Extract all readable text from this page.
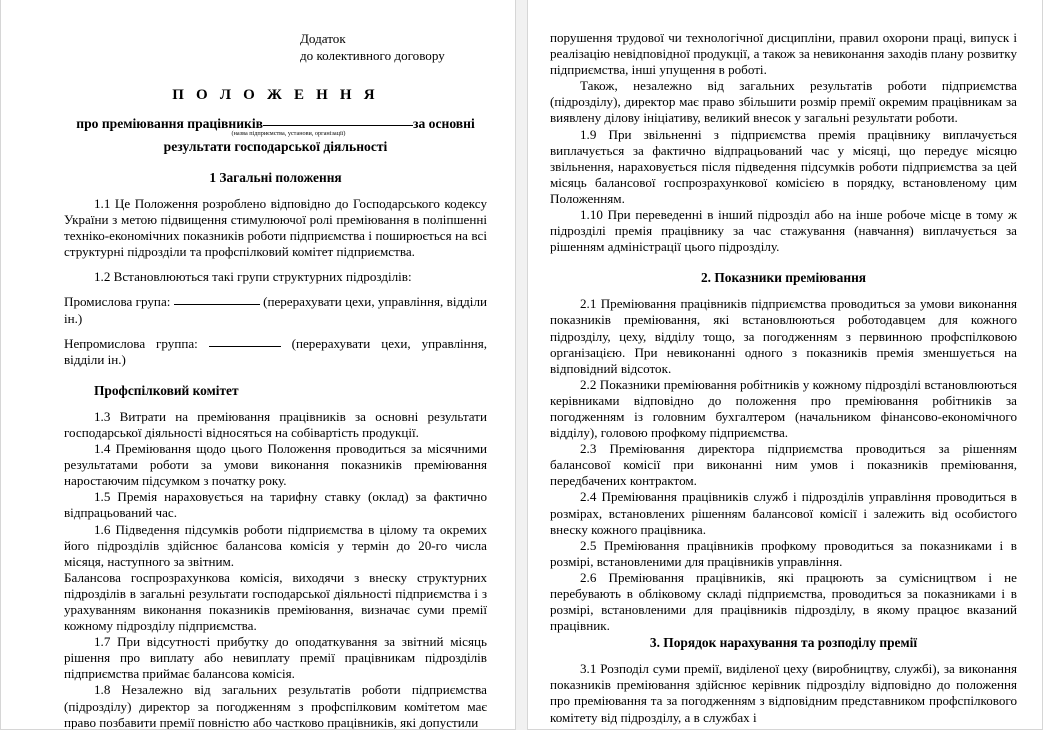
Додаток
до колективного договору
П О Л О Ж Е Н Н Я
про преміювання працівників	за основні
(назва підприємства, установи, організації)
результати господарської діяльності
1 Загальні положення

1.1 Це Положення розроблено відповідно до Господарського кодексу України з метою підвищення стимулюючої ролі преміювання в поліпшенні техніко-економічних показників роботи підприємства і поширюється на всі структурні підрозділи та профспілковий комітет підприємства.

1.2 Встановлюються такі групи структурних підрозділів:

Промислова група:	(перерахувати цехи, управління, відділи ін.)

Непромислова группа:	(перерахувати цехи, управління, відділи ін.)

Профспілковий комітет

1.3 Витрати на преміювання працівників за основні результати господарської діяльності відносяться на собівартість продукції.

1.4 Преміювання щодо цього Положення проводиться за місячними результатами роботи за умови виконання показників преміювання наростаючим підсумком з початку року.

1.5 Премія нараховується на тарифну ставку (оклад) за фактично відпрацьований час.

1.6 Підведення підсумків роботи підприємства в цілому та окремих його підрозділів здійснює балансова комісія у термін до 20-го числа місяця, наступного за звітним.

Балансова госпрозрахункова комісія, виходячи з внеску структурних підрозділів в загальні результати господарської діяльності підприємства і з урахуванням виконання показників преміювання, визначає суми премії кожному підрозділу підприємства.

1.7 При відсутності прибутку до оподаткування за звітний місяць рішення про виплату або невиплату премії працівникам підрозділів підприємства приймає балансова комісія.

1.8 Незалежно від загальних результатів роботи підприємства (підрозділу) директор за погодженням з профспілковим комітетом має право позбавити премії повністю або частково працівників, які допустили

порушення трудової чи технологічної дисципліни, правил охорони праці, випуск і реалізацію невідповідної продукції, а також за невиконання заходів плану розвитку підприємства, інші упущення в роботі.

Також, незалежно від загальних результатів роботи підприємства (підрозділу), директор має право збільшити розмір премії окремим працівникам за виявлену ділову ініціативу, великий внесок у загальні результати роботи.

1.9 При звільненні з підприємства премія працівнику виплачується виплачується за фактично відпрацьований час у місяці, що передує місяцю звільнення, нараховується після підведення підсумків роботи підприємства за цей місяць балансової госпрозрахункової комісією в порядку, встановленому цим Положенням.

1.10 При переведенні в інший підрозділ або на інше робоче місце в тому ж підрозділі премія працівнику за час стажування (навчання) виплачується за рішенням адміністрації цього підрозділу.

2. Показники преміювання

2.1 Преміювання працівників підприємства проводиться за умови виконання показників преміювання, які встановлюються роботодавцем для кожного підрозділу, цеху, відділу тощо, за погодженням з первинною профспілковою організацією. При невиконанні одного з показників премія зменшується на відповідний відсоток.

2.2 Показники преміювання робітників у кожному підрозділі встановлюються керівниками відповідно до положення про преміювання робітників за погодженням із головним бухгалтером (начальником фінансово-економічного відділу), головою профкому підприємства.

2.3 Преміювання директора підприємства проводиться за рішенням балансової комісії при виконанні ним умов і показників преміювання, передбачених контрактом.

2.4 Преміювання працівників служб і підрозділів управління проводиться в розмірах, встановлених рішенням балансової комісії і залежить від особистого внеску кожного працівника.

2.5 Преміювання працівників профкому проводиться за показниками і в розмірі, встановленими для працівників управління.

2.6 Преміювання працівників, які працюють за сумісництвом і не перебувають в обліковому складі підприємства, проводиться за показниками і в розмірі, встановленими для працівників підрозділу, в якому працює вказаний працівник.

3. Порядок нарахування та розподілу премії

3.1 Розподіл суми премії, виділеної цеху (виробництву, службі), за виконання показників преміювання здійснює керівник підрозділу відповідно до положення про преміювання та за погодженням з відповідним представником профспілкового комітету від підрозділу, а в службах і
